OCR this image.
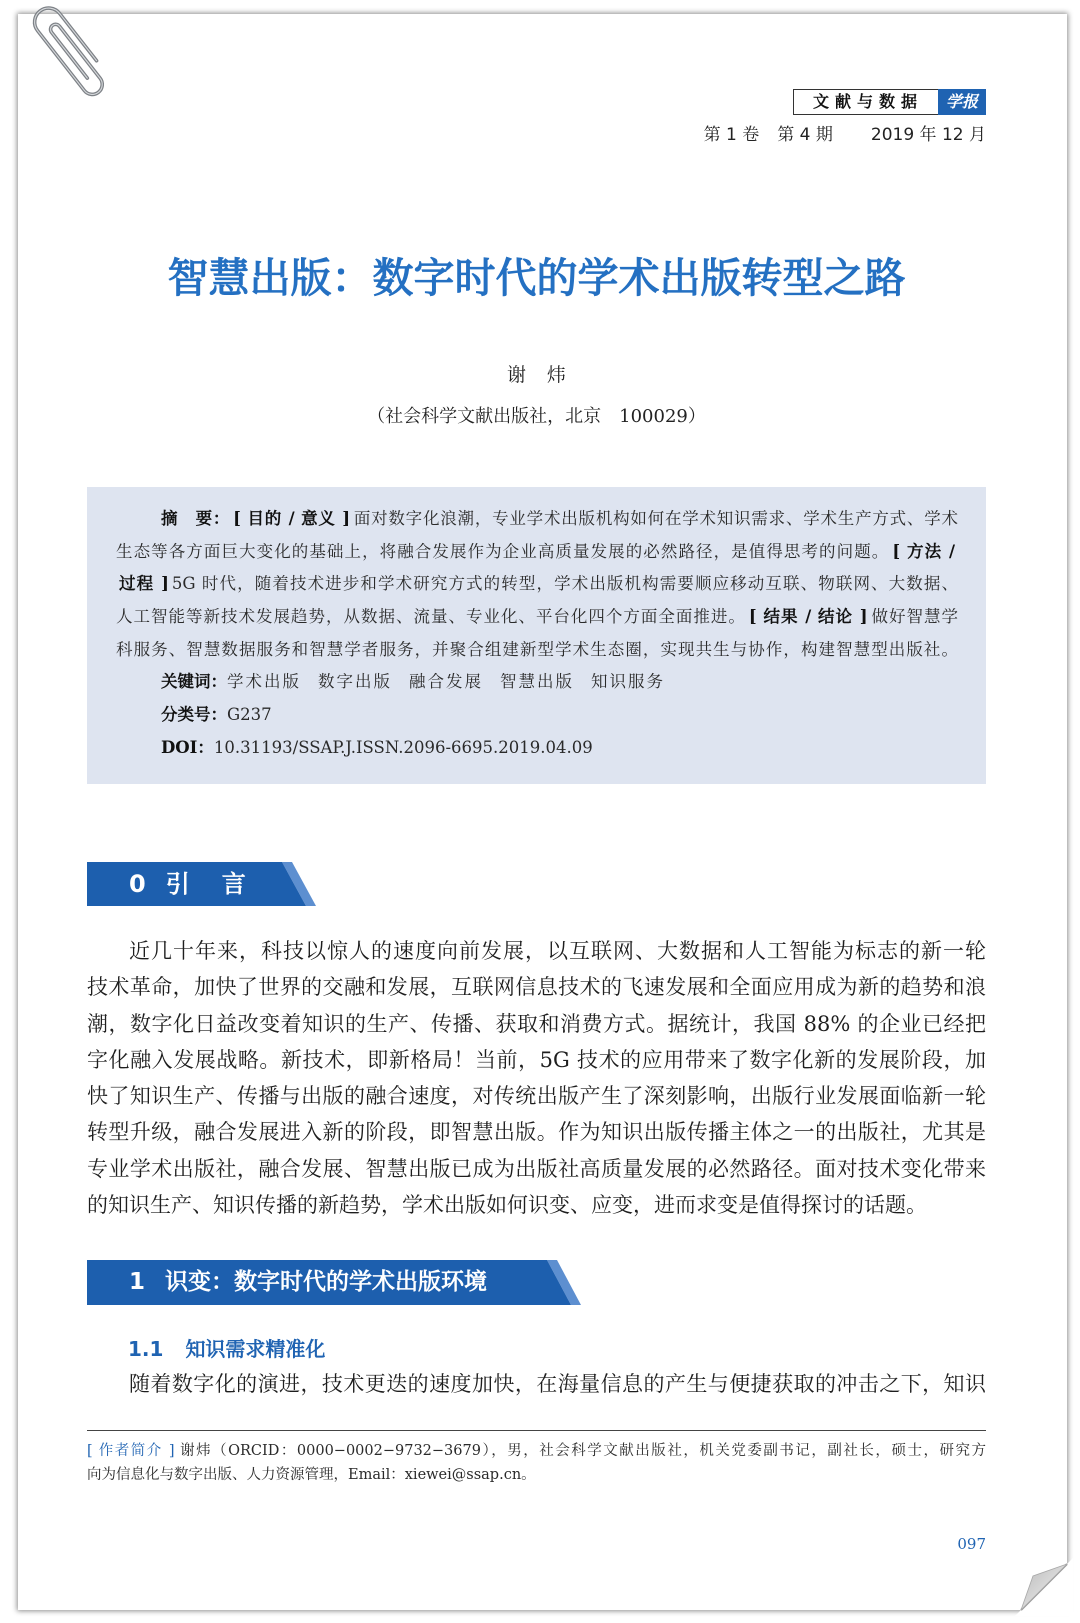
文献与数据	学报
第 1 卷 第 4 期 2019 年 12 月
智慧出版：数字时代的学术出版转型之路
谢炜
（社会科学文献出版社，北京　100029）
摘　要： [ 目的 / 意义 ] 面对数字化浪潮，专业学术出版机构如何在学术知识需求、学术生产方式、学术
生态等各方面巨大变化的基础上，将融合发展作为企业高质量发展的必然路径，是值得思考的问题。 [ 方法 /
过程 ] 5G 时代，随着技术进步和学术研究方式的转型，学术出版机构需要顺应移动互联、物联网、大数据、
人工智能等新技术发展趋势，从数据、流量、专业化、平台化四个方面全面推进。 [ 结果 / 结论 ] 做好智慧学
科服务、智慧数据服务和智慧学者服务，并聚合组建新型学术生态圈，实现共生与协作，构建智慧型出版社。
关键词：学术出版 数字出版 融合发展 智慧出版 知识服务
分类号：G237
DOI：10.31193/SSAP.J.ISSN.2096-6695.2019.04.09
0 引　言
近几十年来，科技以惊人的速度向前发展，以互联网、大数据和人工智能为标志的新一轮
技术革命，加快了世界的交融和发展，互联网信息技术的飞速发展和全面应用成为新的趋势和浪
潮，数字化日益改变着知识的生产、传播、获取和消费方式。据统计，我国 88% 的企业已经把
字化融入发展战略。新技术，即新格局！当前，5G 技术的应用带来了数字化新的发展阶段，加
快了知识生产、传播与出版的融合速度，对传统出版产生了深刻影响，出版行业发展面临新一轮
转型升级，融合发展进入新的阶段，即智慧出版。作为知识出版传播主体之一的出版社，尤其是
专业学术出版社，融合发展、智慧出版已成为出版社高质量发展的必然路径。面对技术变化带来
的知识生产、知识传播的新趋势，学术出版如何识变、应变，进而求变是值得探讨的话题。
1 识变：数字时代的学术出版环境
1.1 知识需求精准化
随着数字化的演进，技术更迭的速度加快，在海量信息的产生与便捷获取的冲击之下，知识
[ 作者简介 ] 谢炜（ORCID：0000−0002−9732−3679），男，社会科学文献出版社，机关党委副书记，副社长，硕士，研究方
向为信息化与数字出版、人力资源管理，Email：xiewei@ssap.cn。
097
